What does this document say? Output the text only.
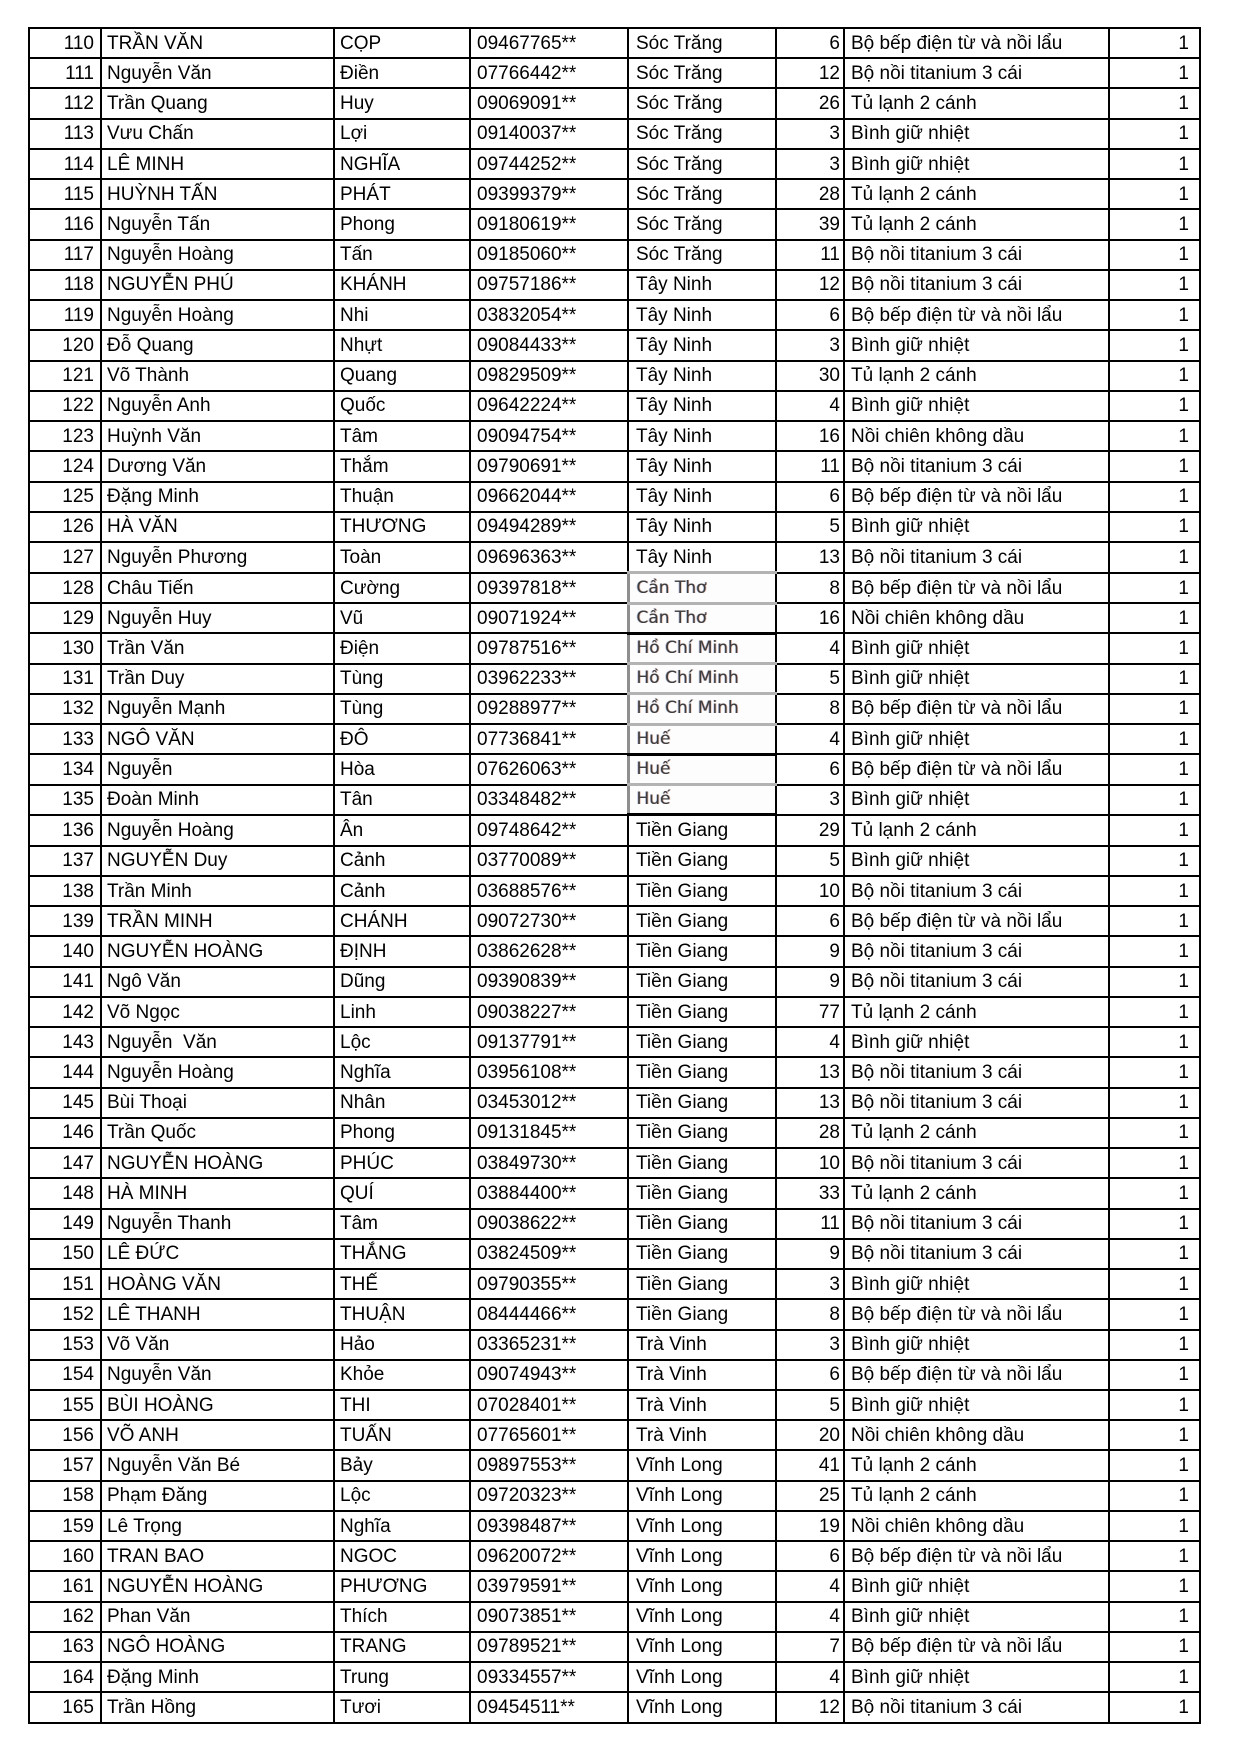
110	TRẦN VĂN	CỌP	09467765**	Sóc Trăng	6	Bộ bếp điện từ và nồi lẩu	1
111	Nguyễn Văn	Điền	07766442**	Sóc Trăng	12	Bộ nồi titanium 3 cái	1
112	Trần Quang	Huy	09069091**	Sóc Trăng	26	Tủ lạnh 2 cánh	1
113	Vưu Chấn	Lợi	09140037**	Sóc Trăng	3	Bình giữ nhiệt	1
114	LÊ MINH	NGHĨA	09744252**	Sóc Trăng	3	Bình giữ nhiệt	1
115	HUỲNH TẤN	PHÁT	09399379**	Sóc Trăng	28	Tủ lạnh 2 cánh	1
116	Nguyễn Tấn	Phong	09180619**	Sóc Trăng	39	Tủ lạnh 2 cánh	1
117	Nguyễn Hoàng	Tấn	09185060**	Sóc Trăng	11	Bộ nồi titanium 3 cái	1
118	NGUYỄN PHÚ	KHÁNH	09757186**	Tây Ninh	12	Bộ nồi titanium 3 cái	1
119	Nguyễn Hoàng	Nhi	03832054**	Tây Ninh	6	Bộ bếp điện từ và nồi lẩu	1
120	Đỗ Quang	Nhựt	09084433**	Tây Ninh	3	Bình giữ nhiệt	1
121	Võ Thành	Quang	09829509**	Tây Ninh	30	Tủ lạnh 2 cánh	1
122	Nguyễn Anh	Quốc	09642224**	Tây Ninh	4	Bình giữ nhiệt	1
123	Huỳnh Văn	Tâm	09094754**	Tây Ninh	16	Nồi chiên không dầu	1
124	Dương Văn	Thắm	09790691**	Tây Ninh	11	Bộ nồi titanium 3 cái	1
125	Đặng Minh	Thuận	09662044**	Tây Ninh	6	Bộ bếp điện từ và nồi lẩu	1
126	HÀ VĂN	THƯƠNG	09494289**	Tây Ninh	5	Bình giữ nhiệt	1
127	Nguyễn Phương	Toàn	09696363**	Tây Ninh	13	Bộ nồi titanium 3 cái	1
128	Châu Tiến	Cường	09397818**	Cần Thơ	8	Bộ bếp điện từ và nồi lẩu	1
129	Nguyễn Huy	Vũ	09071924**	Cần Thơ	16	Nồi chiên không dầu	1
130	Trần Văn	Điện	09787516**	Hồ Chí Minh	4	Bình giữ nhiệt	1
131	Trần Duy	Tùng	03962233**	Hồ Chí Minh	5	Bình giữ nhiệt	1
132	Nguyễn Mạnh	Tùng	09288977**	Hồ Chí Minh	8	Bộ bếp điện từ và nồi lẩu	1
133	NGÔ VĂN	ĐÔ	07736841**	Huế	4	Bình giữ nhiệt	1
134	Nguyễn	Hòa	07626063**	Huế	6	Bộ bếp điện từ và nồi lẩu	1
135	Đoàn Minh	Tân	03348482**	Huế	3	Bình giữ nhiệt	1
136	Nguyễn Hoàng	Ân	09748642**	Tiền Giang	29	Tủ lạnh 2 cánh	1
137	NGUYỄN Duy	Cảnh	03770089**	Tiền Giang	5	Bình giữ nhiệt	1
138	Trần Minh	Cảnh	03688576**	Tiền Giang	10	Bộ nồi titanium 3 cái	1
139	TRẦN MINH	CHÁNH	09072730**	Tiền Giang	6	Bộ bếp điện từ và nồi lẩu	1
140	NGUYỄN HOÀNG	ĐỊNH	03862628**	Tiền Giang	9	Bộ nồi titanium 3 cái	1
141	Ngô Văn	Dũng	09390839**	Tiền Giang	9	Bộ nồi titanium 3 cái	1
142	Võ Ngọc	Linh	09038227**	Tiền Giang	77	Tủ lạnh 2 cánh	1
143	Nguyễn  Văn	Lộc	09137791**	Tiền Giang	4	Bình giữ nhiệt	1
144	Nguyễn Hoàng	Nghĩa	03956108**	Tiền Giang	13	Bộ nồi titanium 3 cái	1
145	Bùi Thoại	Nhân	03453012**	Tiền Giang	13	Bộ nồi titanium 3 cái	1
146	Trần Quốc	Phong	09131845**	Tiền Giang	28	Tủ lạnh 2 cánh	1
147	NGUYỄN HOÀNG	PHÚC	03849730**	Tiền Giang	10	Bộ nồi titanium 3 cái	1
148	HÀ MINH	QUÍ	03884400**	Tiền Giang	33	Tủ lạnh 2 cánh	1
149	Nguyễn Thanh	Tâm	09038622**	Tiền Giang	11	Bộ nồi titanium 3 cái	1
150	LÊ ĐỨC	THẮNG	03824509**	Tiền Giang	9	Bộ nồi titanium 3 cái	1
151	HOÀNG VĂN	THẾ	09790355**	Tiền Giang	3	Bình giữ nhiệt	1
152	LÊ THANH	THUẬN	08444466**	Tiền Giang	8	Bộ bếp điện từ và nồi lẩu	1
153	Võ Văn	Hảo	03365231**	Trà Vinh	3	Bình giữ nhiệt	1
154	Nguyễn Văn	Khỏe	09074943**	Trà Vinh	6	Bộ bếp điện từ và nồi lẩu	1
155	BÙI HOÀNG	THI	07028401**	Trà Vinh	5	Bình giữ nhiệt	1
156	VÕ ANH	TUẤN	07765601**	Trà Vinh	20	Nồi chiên không dầu	1
157	Nguyễn Văn Bé	Bảy	09897553**	Vĩnh Long	41	Tủ lạnh 2 cánh	1
158	Phạm Đăng	Lộc	09720323**	Vĩnh Long	25	Tủ lạnh 2 cánh	1
159	Lê Trọng	Nghĩa	09398487**	Vĩnh Long	19	Nồi chiên không dầu	1
160	TRAN BAO	NGOC	09620072**	Vĩnh Long	6	Bộ bếp điện từ và nồi lẩu	1
161	NGUYỄN HOÀNG	PHƯƠNG	03979591**	Vĩnh Long	4	Bình giữ nhiệt	1
162	Phan Văn	Thích	09073851**	Vĩnh Long	4	Bình giữ nhiệt	1
163	NGÔ HOÀNG	TRANG	09789521**	Vĩnh Long	7	Bộ bếp điện từ và nồi lẩu	1
164	Đặng Minh	Trung	09334557**	Vĩnh Long	4	Bình giữ nhiệt	1
165	Trần Hồng	Tươi	09454511**	Vĩnh Long	12	Bộ nồi titanium 3 cái	1
